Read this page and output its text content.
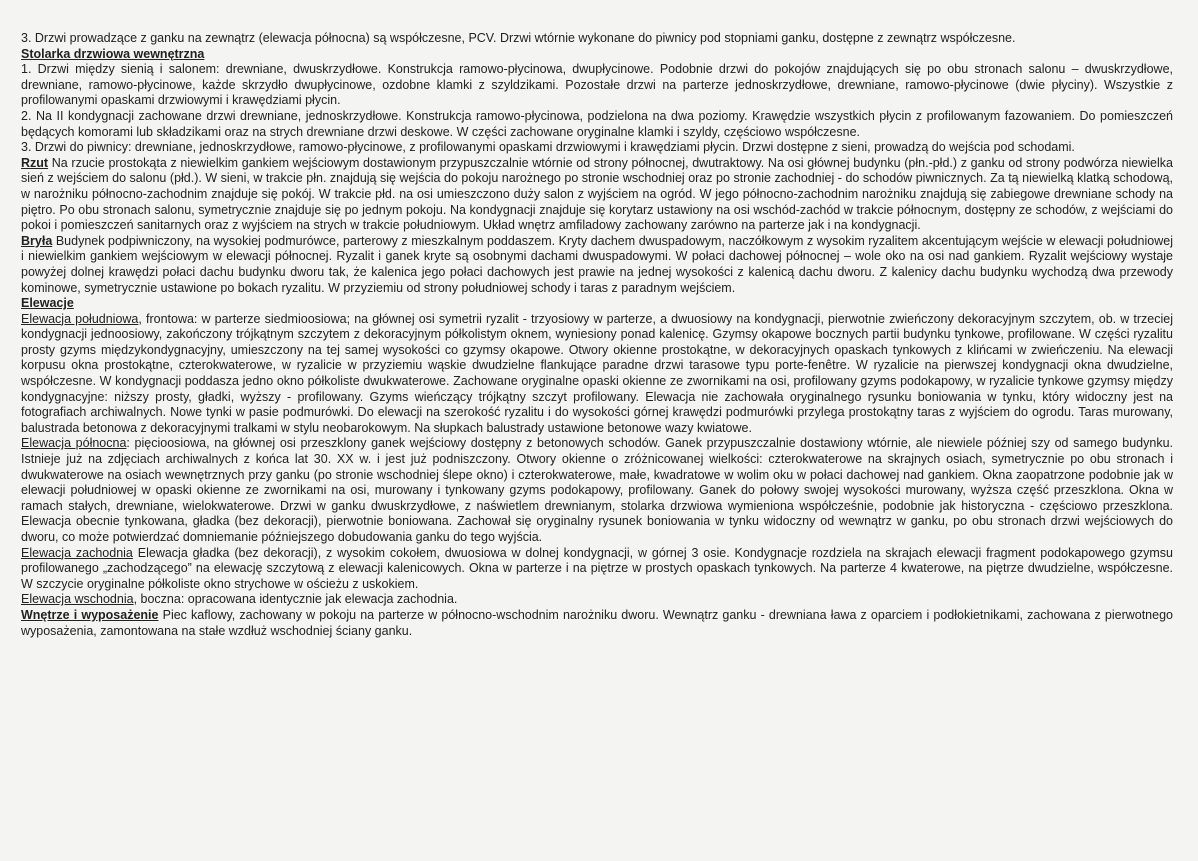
3. Drzwi prowadzące z ganku na zewnątrz (elewacja północna) są współczesne, PCV. Drzwi wtórnie wykonane do piwnicy pod stopniami ganku, dostępne z zewnątrz współczesne.

Stolarka drzwiowa wewnętrzna

1. Drzwi między sienią i salonem: drewniane, dwuskrzydłowe. Konstrukcja ramowo-płycinowa, dwupłycinowe. Podobnie drzwi do pokojów znajdujących się po obu stronach salonu – dwuskrzydłowe, drewniane, ramowo-płycinowe, każde skrzydło dwupłycinowe, ozdobne klamki z szyldzikami. Pozostałe drzwi na parterze jednoskrzydłowe, drewniane, ramowo-płycinowe (dwie płyciny). Wszystkie z profilowanymi opaskami drzwiowymi i krawędziami płycin.

2. Na II kondygnacji zachowane drzwi drewniane, jednoskrzydłowe. Konstrukcja ramowo-płycinowa, podzielona na dwa poziomy. Krawędzie wszystkich płycin z profilowanym fazowaniem. Do pomieszczeń będących komorami lub składzikami oraz na strych drewniane drzwi deskowe. W części zachowane oryginalne klamki i szyldy, częściowo współczesne.

3. Drzwi do piwnicy: drewniane, jednoskrzydłowe, ramowo-płycinowe, z profilowanymi opaskami drzwiowymi i krawędziami płycin. Drzwi dostępne z sieni, prowadzą do wejścia pod schodami.

Rzut Na rzucie prostokąta z niewielkim gankiem wejściowym dostawionym przypuszczalnie wtórnie od strony północnej, dwutraktowy. Na osi głównej budynku (płn.-płd.) z ganku od strony podwórza niewielka sień z wejściem do salonu (płd.). W sieni, w trakcie płn. znajdują się wejścia do pokoju narożnego po stronie wschodniej oraz po stronie zachodniej - do schodów piwnicznych. Za tą niewielką klatką schodową, w narożniku północno-zachodnim znajduje się pokój. W trakcie płd. na osi umieszczono duży salon z wyjściem na ogród. W jego północno-zachodnim narożniku znajdują się zabiegowe drewniane schody na piętro. Po obu stronach salonu, symetrycznie znajduje się po jednym pokoju. Na kondygnacji znajduje się korytarz ustawiony na osi wschód-zachód w trakcie północnym, dostępny ze schodów, z wejściami do pokoi i pomieszczeń sanitarnych oraz z wyjściem na strych w trakcie południowym. Układ wnętrz amfiladowy zachowany zarówno na parterze jak i na kondygnacji.

Bryła Budynek podpiwniczony, na wysokiej podmurówce, parterowy z mieszkalnym poddaszem. Kryty dachem dwuspadowym, naczółkowym z wysokim ryzalitem akcentującym wejście w elewacji południowej i niewielkim gankiem wejściowym w elewacji północnej. Ryzalit i ganek kryte są osobnymi dachami dwuspadowymi. W połaci dachowej północnej – wole oko na osi nad gankiem. Ryzalit wejściowy wystaje powyżej dolnej krawędzi połaci dachu budynku dworu tak, że kalenica jego połaci dachowych jest prawie na jednej wysokości z kalenicą dachu dworu. Z kalenicy dachu budynku wychodzą dwa przewody kominowe, symetrycznie ustawione po bokach ryzalitu. W przyziemiu od strony południowej schody i taras z paradnym wejściem.

Elewacje

Elewacja południowa, frontowa: w parterze siedmioosiowa; na głównej osi symetrii ryzalit - trzyosiowy w parterze, a dwuosiowy na kondygnacji, pierwotnie zwieńczony dekoracyjnym szczytem, ob. w trzeciej kondygnacji jednoosiowy, zakończony trójkątnym szczytem z dekoracyjnym półkolistym oknem, wyniesiony ponad kalenicę. Gzymsy okapowe bocznych partii budynku tynkowe, profilowane. W części ryzalitu prosty gzyms międzykondygnacyjny, umieszczony na tej samej wysokości co gzymsy okapowe. Otwory okienne prostokątne, w dekoracyjnych opaskach tynkowych z klińcami w zwieńczeniu. Na elewacji korpusu okna prostokątne, czterokwaterowe, w ryzalicie w przyziemiu wąskie dwudzielne flankujące paradne drzwi tarasowe typu porte-fenêtre. W ryzalicie na pierwszej kondygnacji okna dwudzielne, współczesne. W kondygnacji poddasza jedno okno półkoliste dwukwaterowe. Zachowane oryginalne opaski okienne ze zwornikami na osi, profilowany gzyms podokapowy, w ryzalicie tynkowe gzymsy między kondygnacyjne: niższy prosty, gładki, wyższy - profilowany. Gzyms wieńczący trójkątny szczyt profilowany. Elewacja nie zachowała oryginalnego rysunku boniowania w tynku, który widoczny jest na fotografiach archiwalnych. Nowe tynki w pasie podmurówki. Do elewacji na szerokość ryzalitu i do wysokości górnej krawędzi podmurówki przylega prostokątny taras z wyjściem do ogrodu. Taras murowany, balustrada betonowa z dekoracyjnymi tralkami w stylu neobarokowym. Na słupkach balustrady ustawione betonowe wazy kwiatowe.

Elewacja północna: pięcioosiowa, na głównej osi przeszklony ganek wejściowy dostępny z betonowych schodów. Ganek przypuszczalnie dostawiony wtórnie, ale niewiele później szy od samego budynku. Istnieje już na zdjęciach archiwalnych z końca lat 30. XX w. i jest już podniszczony. Otwory okienne o zróżnicowanej wielkości: czterokwaterowe na skrajnych osiach, symetrycznie po obu stronach i dwukwaterowe na osiach wewnętrznych przy ganku (po stronie wschodniej ślepe okno) i czterokwaterowe, małe, kwadratowe w wolim oku w połaci dachowej nad gankiem. Okna zaopatrzone podobnie jak w elewacji południowej w opaski okienne ze zwornikami na osi, murowany i tynkowany gzyms podokapowy, profilowany. Ganek do połowy swojej wysokości murowany, wyższa część przeszklona. Okna w ramach stałych, drewniane, wielokwaterowe. Drzwi w ganku dwuskrzydłowe, z naświetlem drewnianym, stolarka drzwiowa wymieniona współcześnie, podobnie jak historyczna - częściowo przeszklona. Elewacja obecnie tynkowana, gładka (bez dekoracji), pierwotnie boniowana. Zachował się oryginalny rysunek boniowania w tynku widoczny od wewnątrz w ganku, po obu stronach drzwi wejściowych do dworu, co może potwierdzać domniemanie późniejszego dobudowania ganku do tego wyjścia.

Elewacja zachodnia Elewacja gładka (bez dekoracji), z wysokim cokołem, dwuosiowa w dolnej kondygnacji, w górnej 3 osie. Kondygnacje rozdziela na skrajach elewacji fragment podokapowego gzymsu profilowanego „zachodzącego” na elewację szczytową z elewacji kalenicowych. Okna w parterze i na piętrze w prostych opaskach tynkowych. Na parterze 4 kwaterowe, na piętrze dwudzielne, współczesne. W szczycie oryginalne półkoliste okno strychowe w ościeżu z uskokiem.

Elewacja wschodnia, boczna: opracowana identycznie jak elewacja zachodnia.

Wnętrze i wyposażenie Piec kaflowy, zachowany w pokoju na parterze w północno-wschodnim narożniku dworu. Wewnątrz ganku - drewniana ława z oparciem i podłokietnikami, zachowana z pierwotnego wyposażenia, zamontowana na stałe wzdłuż wschodniej ściany ganku.
